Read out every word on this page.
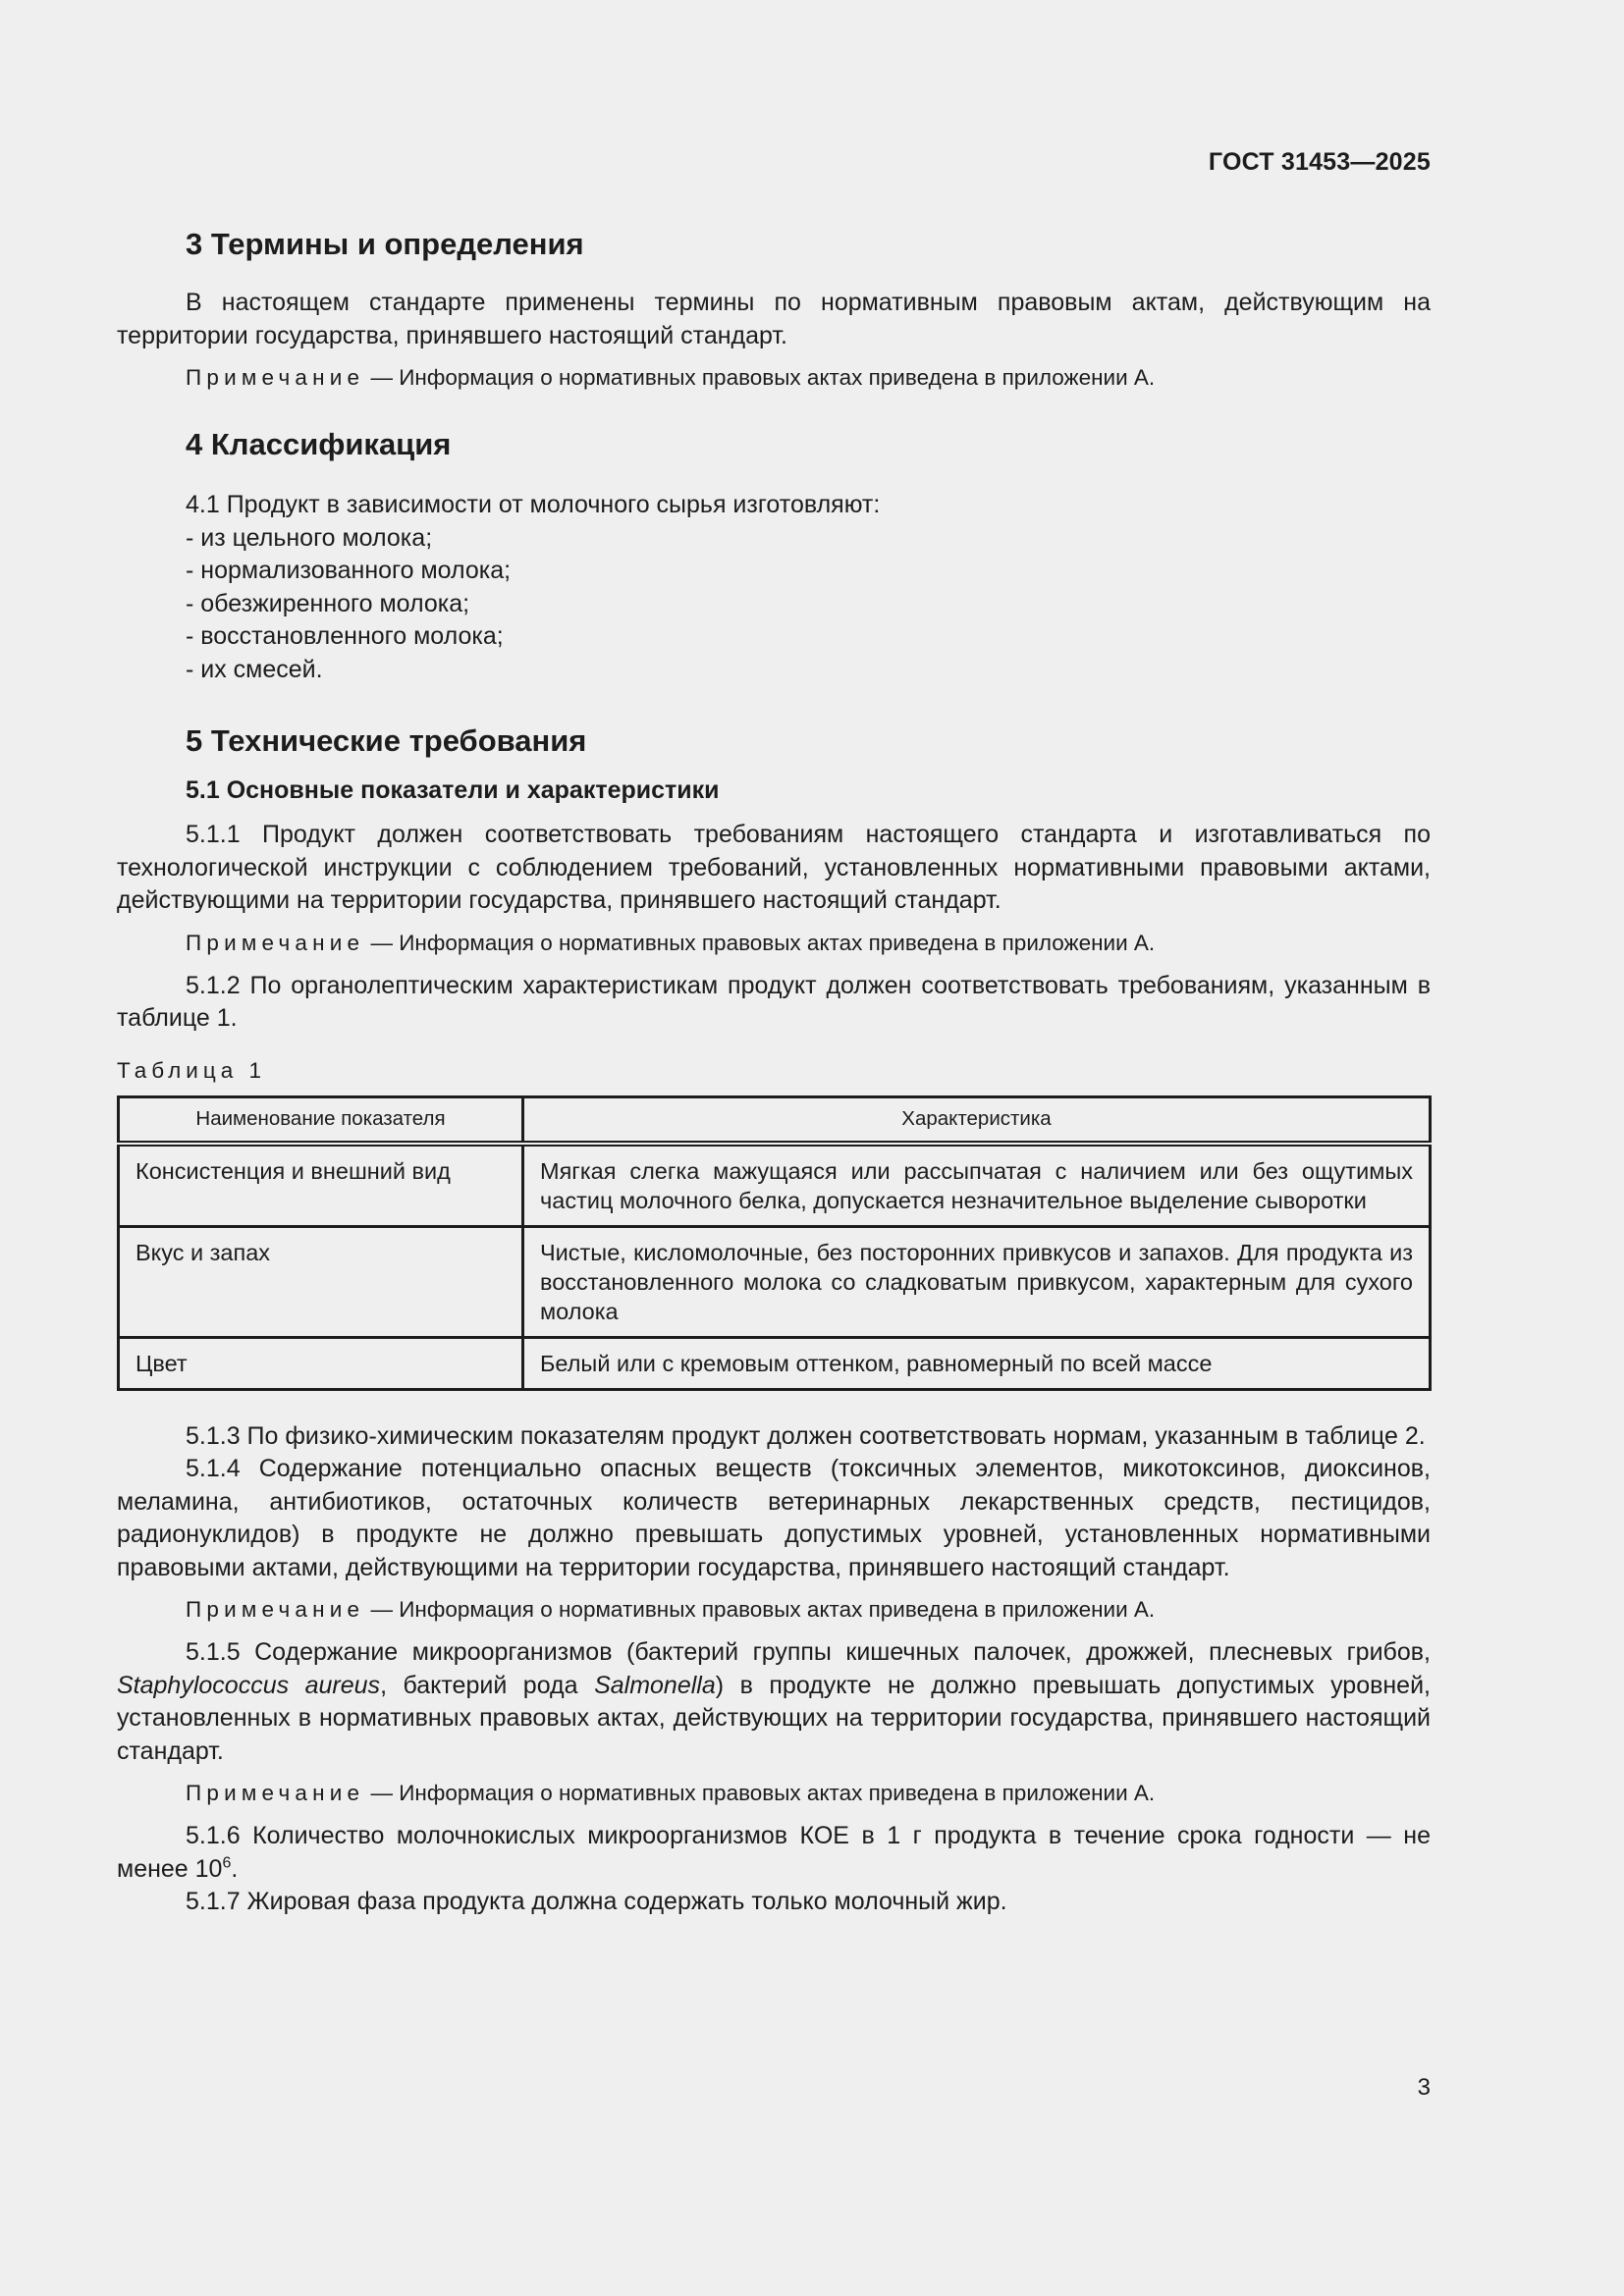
ГОСТ 31453—2025
3 Термины и определения

В настоящем стандарте применены термины по нормативным правовым актам, действующим на территории государства, принявшего настоящий стандарт.

Примечание — Информация о нормативных правовых актах приведена в приложении А.

4 Классификация
4.1 Продукт в зависимости от молочного сырья изготовляют:
- из цельного молока;
- нормализованного молока;
- обезжиренного молока;
- восстановленного молока;
- их смесей.
5 Технические требования
5.1 Основные показатели и характеристики

5.1.1 Продукт должен соответствовать требованиям настоящего стандарта и изготавливаться по технологической инструкции с соблюдением требований, установленных нормативными правовыми актами, действующими на территории государства, принявшего настоящий стандарт.

Примечание — Информация о нормативных правовых актах приведена в приложении А.

5.1.2 По органолептическим характеристикам продукт должен соответствовать требованиям, указанным в таблице 1.

Таблица 1

Наименование показателя	Характеристика
Консистенция и внешний вид	Мягкая слегка мажущаяся или рассыпчатая с наличием или без ощутимых частиц молочного белка, допускается незначительное выделение сыворотки
Вкус и запах	Чистые, кисломолочные, без посторонних привкусов и запахов. Для продукта из восстановленного молока со сладковатым привкусом, характерным для сухого молока
Цвет	Белый или с кремовым оттенком, равномерный по всей массе

5.1.3 По физико-химическим показателям продукт должен соответствовать нормам, указанным в таблице 2.

5.1.4 Содержание потенциально опасных веществ (токсичных элементов, микотоксинов, диоксинов, меламина, антибиотиков, остаточных количеств ветеринарных лекарственных средств, пестицидов, радионуклидов) в продукте не должно превышать допустимых уровней, установленных нормативными правовыми актами, действующими на территории государства, принявшего настоящий стандарт.

Примечание — Информация о нормативных правовых актах приведена в приложении А.

5.1.5 Содержание микроорганизмов (бактерий группы кишечных палочек, дрожжей, плесневых грибов, Staphylococcus aureus, бактерий рода Salmonella) в продукте не должно превышать допустимых уровней, установленных в нормативных правовых актах, действующих на территории государства, принявшего настоящий стандарт.

Примечание — Информация о нормативных правовых актах приведена в приложении А.

5.1.6 Количество молочнокислых микроорганизмов КОЕ в 1 г продукта в течение срока годности — не менее $10^6$.

5.1.7 Жировая фаза продукта должна содержать только молочный жир.

3
